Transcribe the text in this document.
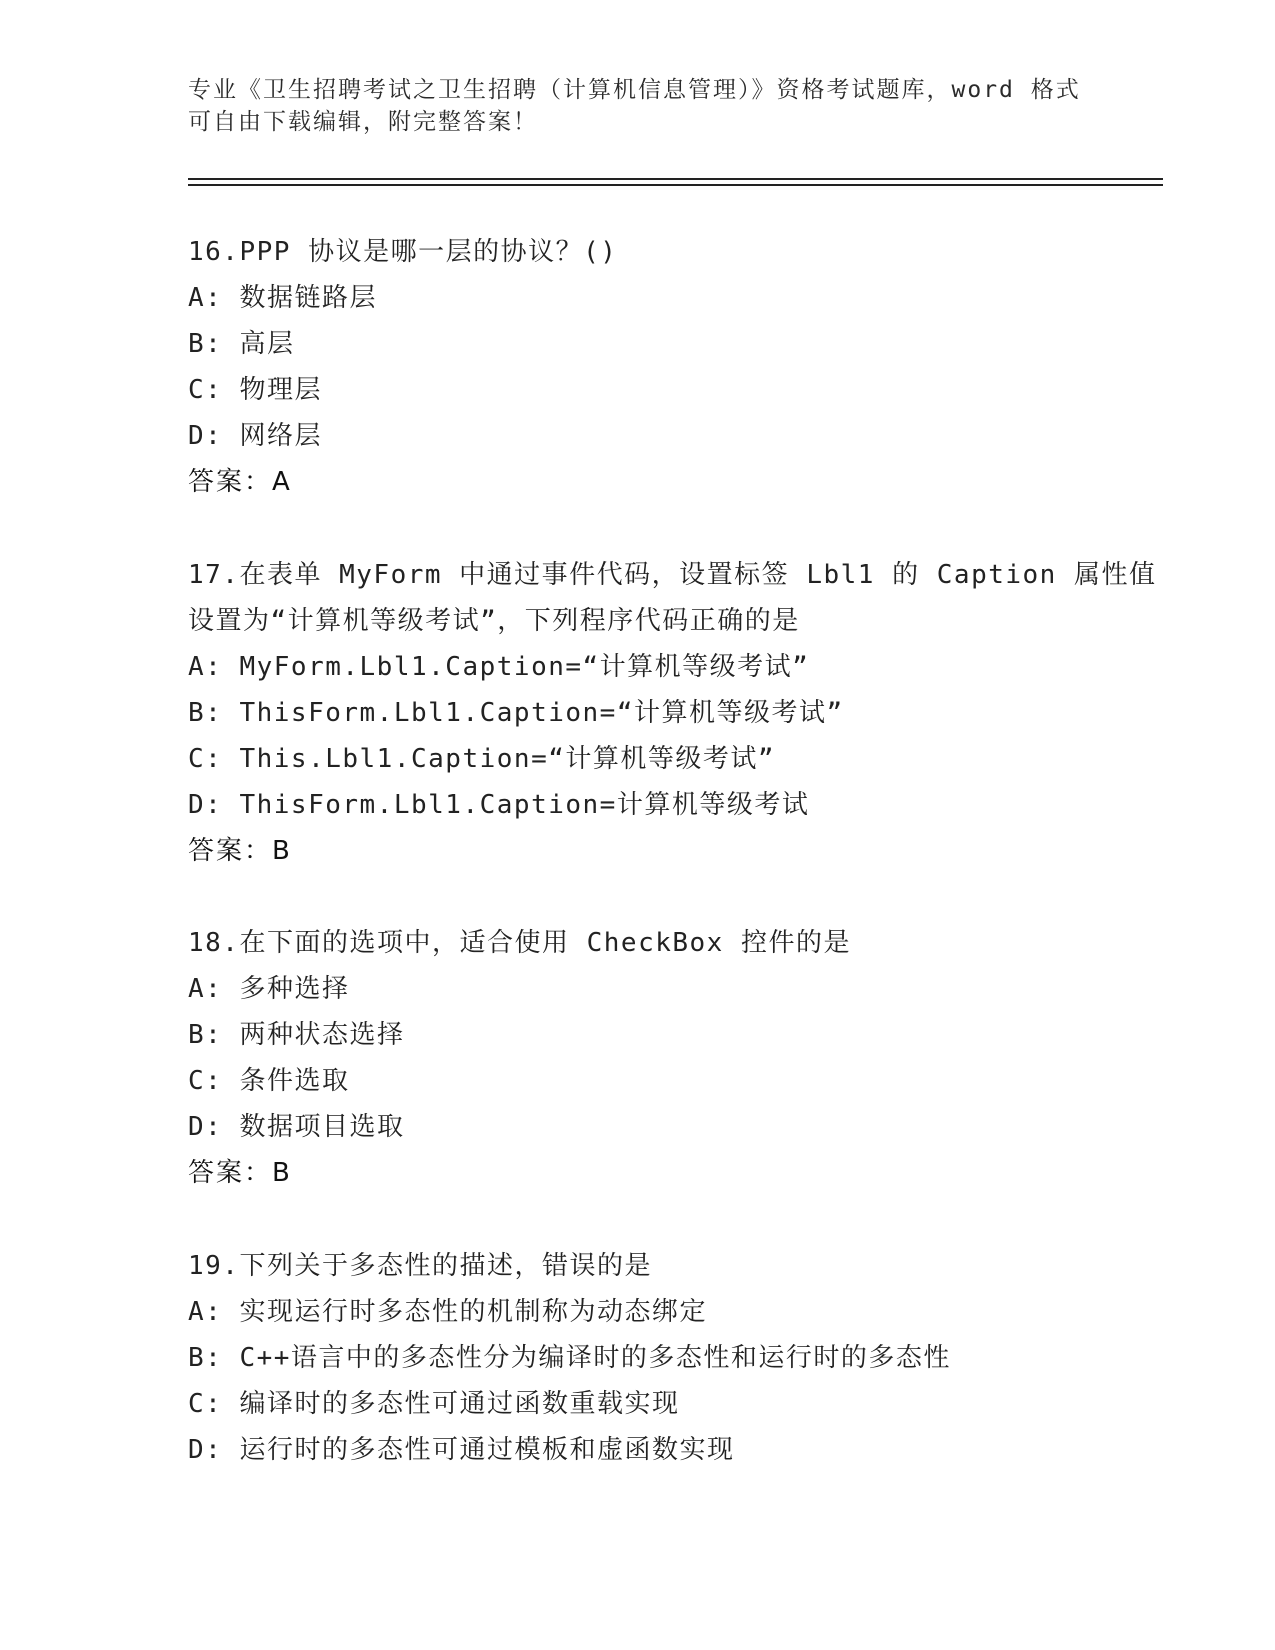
专业《卫生招聘考试之卫生招聘（计算机信息管理）》资格考试题库，word 格式
可自由下载编辑，附完整答案！
16.PPP 协议是哪一层的协议？()
A: 数据链路层
B: 高层
C: 物理层
D: 网络层
答案：A
17.在表单 MyForm 中通过事件代码，设置标签 Lbl1 的 Caption 属性值
设置为“计算机等级考试”，下列程序代码正确的是
A: MyForm.Lbl1.Caption=“计算机等级考试”
B: ThisForm.Lbl1.Caption=“计算机等级考试”
C: This.Lbl1.Caption=“计算机等级考试”
D: ThisForm.Lbl1.Caption=计算机等级考试
答案：B
18.在下面的选项中，适合使用 CheckBox 控件的是
A: 多种选择
B: 两种状态选择
C: 条件选取
D: 数据项目选取
答案：B
19.下列关于多态性的描述，错误的是
A: 实现运行时多态性的机制称为动态绑定
B: C++语言中的多态性分为编译时的多态性和运行时的多态性
C: 编译时的多态性可通过函数重载实现
D: 运行时的多态性可通过模板和虚函数实现
